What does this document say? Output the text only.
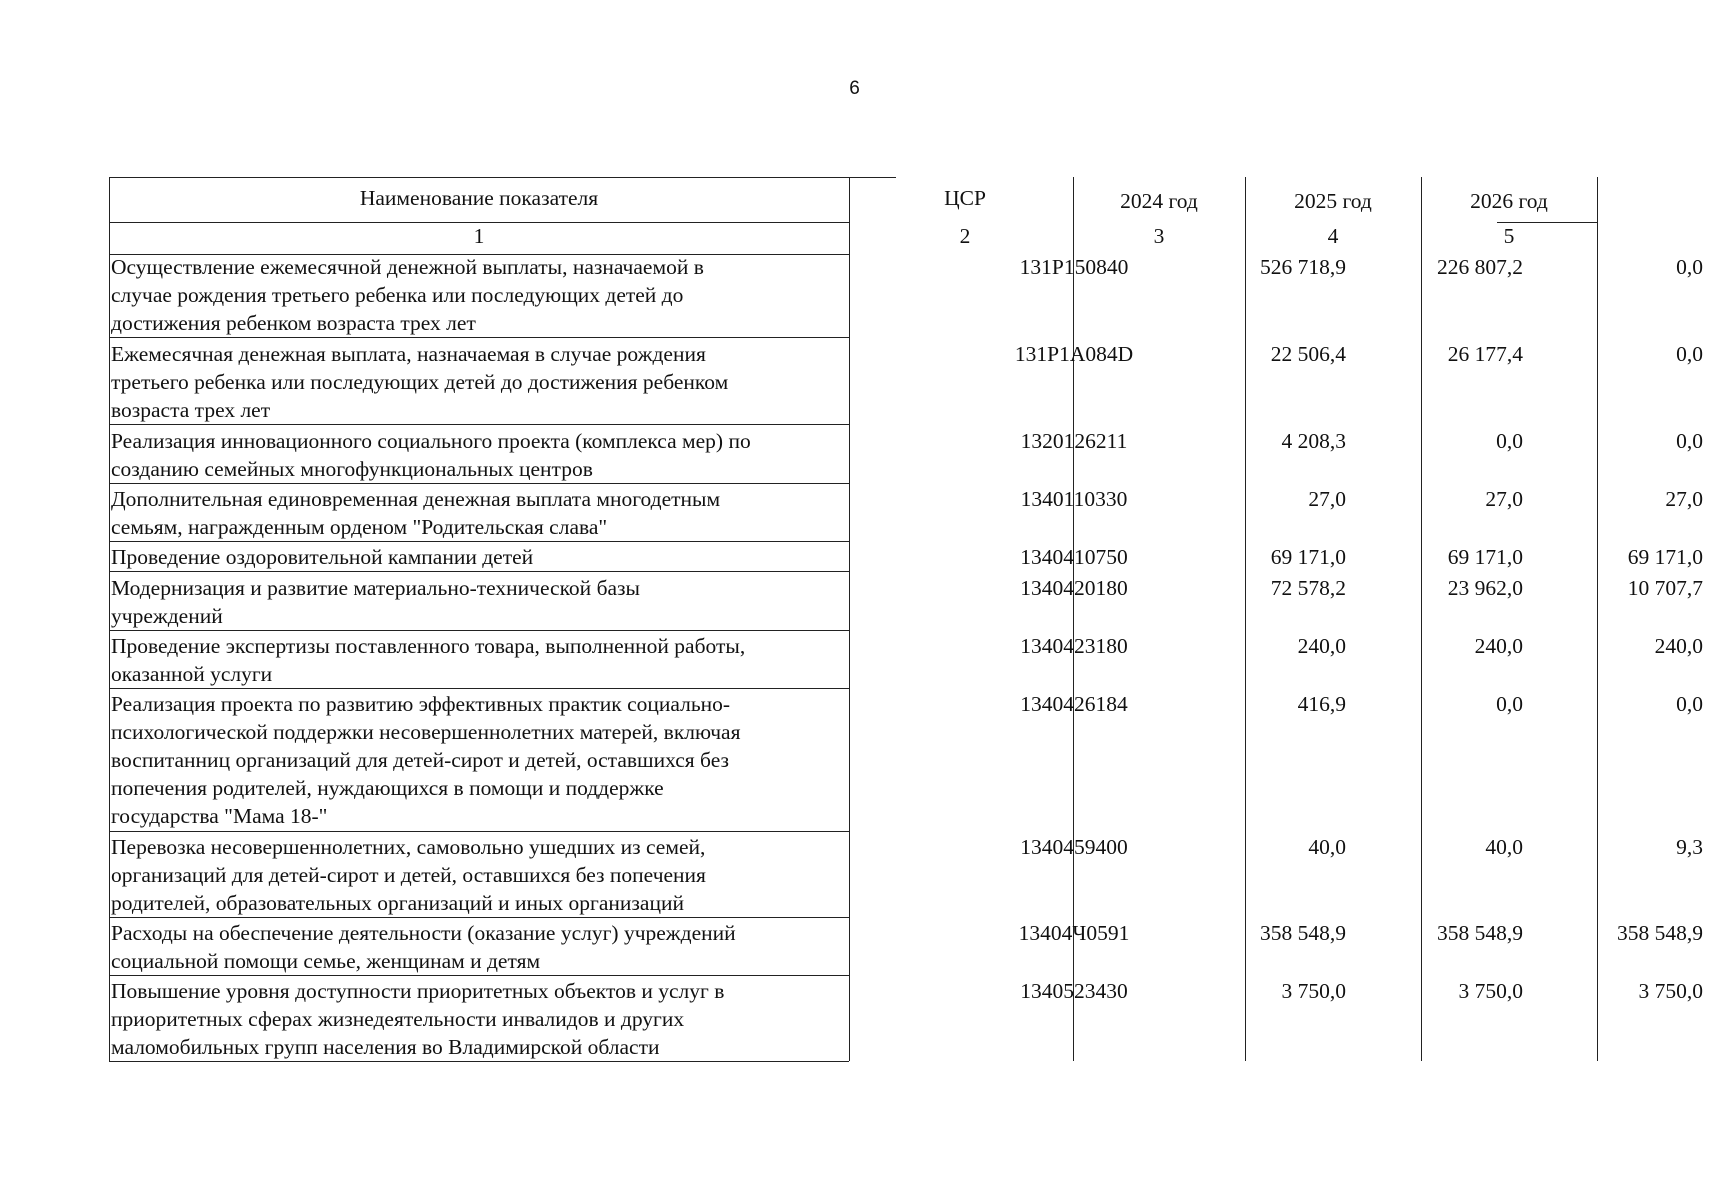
6
Наименование показателя	ЦСР	2024 год	2025 год	2026 год
1	2	3	4	5
Осуществление ежемесячной денежной выплаты, назначаемой в
случае рождения третьего ребенка или последующих детей до
достижения ребенком возраста трех лет
131P150840	526 718,9	226 807,2	0,0
Ежемесячная денежная выплата, назначаемая в случае рождения
третьего ребенка или последующих детей до достижения ребенком
возраста трех лет
131P1A084D	22 506,4	26 177,4	0,0
Реализация инновационного социального проекта (комплекса мер) по
созданию семейных многофункциональных центров
1320126211	4 208,3	0,0	0,0
Дополнительная единовременная денежная выплата многодетным
семьям, награжденным орденом "Родительская слава"
1340110330	27,0	27,0	27,0
Проведение оздоровительной кампании детей	1340410750	69 171,0	69 171,0	69 171,0
Модернизация и развитие материально-технической базы
учреждений
1340420180	72 578,2	23 962,0	10 707,7
Проведение экспертизы поставленного товара, выполненной работы,
оказанной услуги
1340423180	240,0	240,0	240,0
Реализация проекта по развитию эффективных практик социально-
психологической поддержки несовершеннолетних матерей, включая
воспитанниц организаций для детей-сирот и детей, оставшихся без
попечения родителей, нуждающихся в помощи и поддержке
государства "Мама 18-"
1340426184	416,9	0,0	0,0
Перевозка несовершеннолетних, самовольно ушедших из семей,
организаций для детей-сирот и детей, оставшихся без попечения
родителей, образовательных организаций и иных организаций
1340459400	40,0	40,0	9,3
Расходы на обеспечение деятельности (оказание услуг) учреждений
социальной помощи семье, женщинам и детям
13404Ч0591	358 548,9	358 548,9	358 548,9
Повышение уровня доступности приоритетных объектов и услуг в
приоритетных сферах жизнедеятельности инвалидов и других
маломобильных групп населения во Владимирской области
1340523430	3 750,0	3 750,0	3 750,0
